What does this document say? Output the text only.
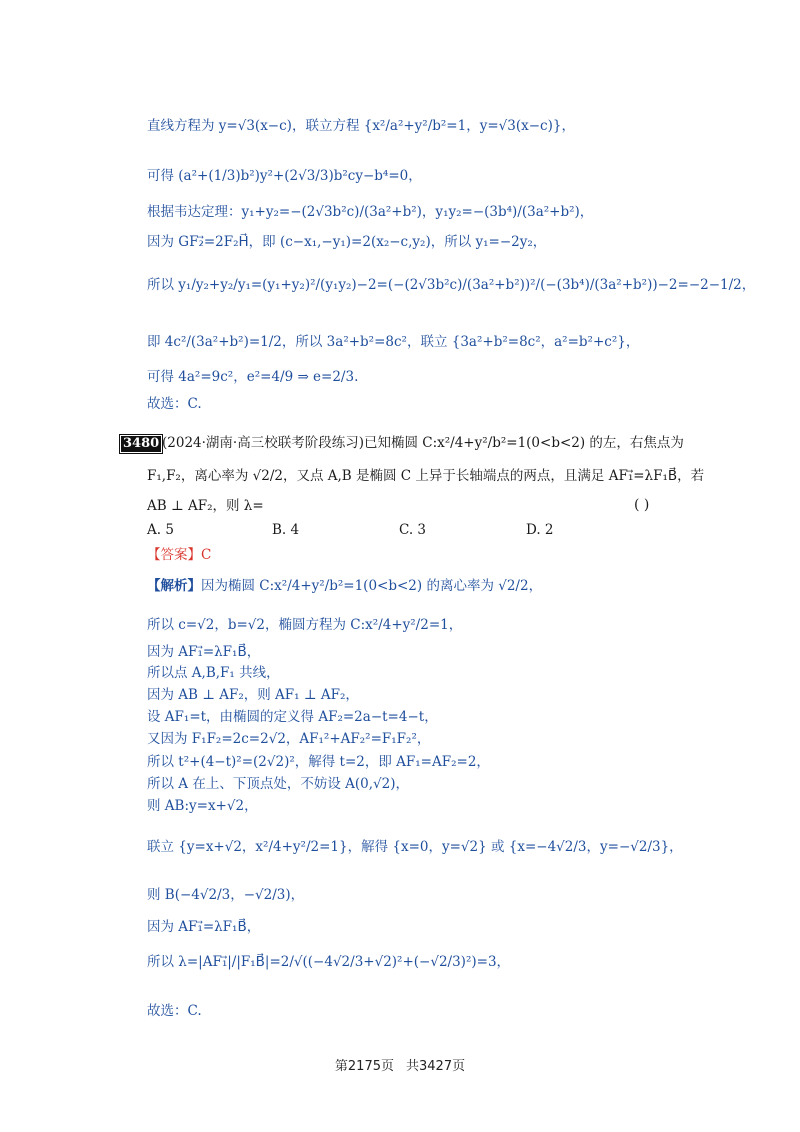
直线方程为 y=√3(x−c)，联立方程 {x²/a²+y²/b²=1，y=√3(x−c)}，
可得 (a²+(1/3)b²)y²+(2√3/3)b²cy−b⁴=0，
根据韦达定理：y₁+y₂=−(2√3b²c)/(3a²+b²)，y₁y₂=−(3b⁴)/(3a²+b²)，
因为 GF₂⃗=2F₂H⃗，即 (c−x₁,−y₁)=2(x₂−c,y₂)，所以 y₁=−2y₂，
所以 y₁/y₂+y₂/y₁=(y₁+y₂)²/(y₁y₂)−2=(−(2√3b²c)/(3a²+b²))²/(−(3b⁴)/(3a²+b²))−2=−2−1/2，
即 4c²/(3a²+b²)=1/2，所以 3a²+b²=8c²，联立 {3a²+b²=8c²，a²=b²+c²}，
可得 4a²=9c²，e²=4/9 ⇒ e=2/3.
故选：C.
3480 (2024·湖南·高三校联考阶段练习)已知椭圆 C:x²/4+y²/b²=1(0<b<2) 的左，右焦点为
F₁,F₂，离心率为 √2/2，又点 A,B 是椭圆 C 上异于长轴端点的两点，且满足 AF₁⃗=λF₁B⃗，若
AB ⊥ AF₂，则 λ=	( )
A. 5	B. 4	C. 3	D. 2
【答案】C
【解析】因为椭圆 C:x²/4+y²/b²=1(0<b<2) 的离心率为 √2/2，
所以 c=√2，b=√2，椭圆方程为 C:x²/4+y²/2=1，
因为 AF₁⃗=λF₁B⃗，
所以点 A,B,F₁ 共线，
因为 AB ⊥ AF₂，则 AF₁ ⊥ AF₂，
设 AF₁=t，由椭圆的定义得 AF₂=2a−t=4−t，
又因为 F₁F₂=2c=2√2，AF₁²+AF₂²=F₁F₂²，
所以 t²+(4−t)²=(2√2)²，解得 t=2，即 AF₁=AF₂=2，
所以 A 在上、下顶点处，不妨设 A(0,√2)，
则 AB:y=x+√2，
联立 {y=x+√2，x²/4+y²/2=1}，解得 {x=0，y=√2} 或 {x=−4√2/3，y=−√2/3}，
则 B(−4√2/3，−√2/3)，
因为 AF₁⃗=λF₁B⃗，
所以 λ=|AF₁⃗|/|F₁B⃗|=2/√((−4√2/3+√2)²+(−√2/3)²)=3，
故选：C.
第2175页 共3427页
